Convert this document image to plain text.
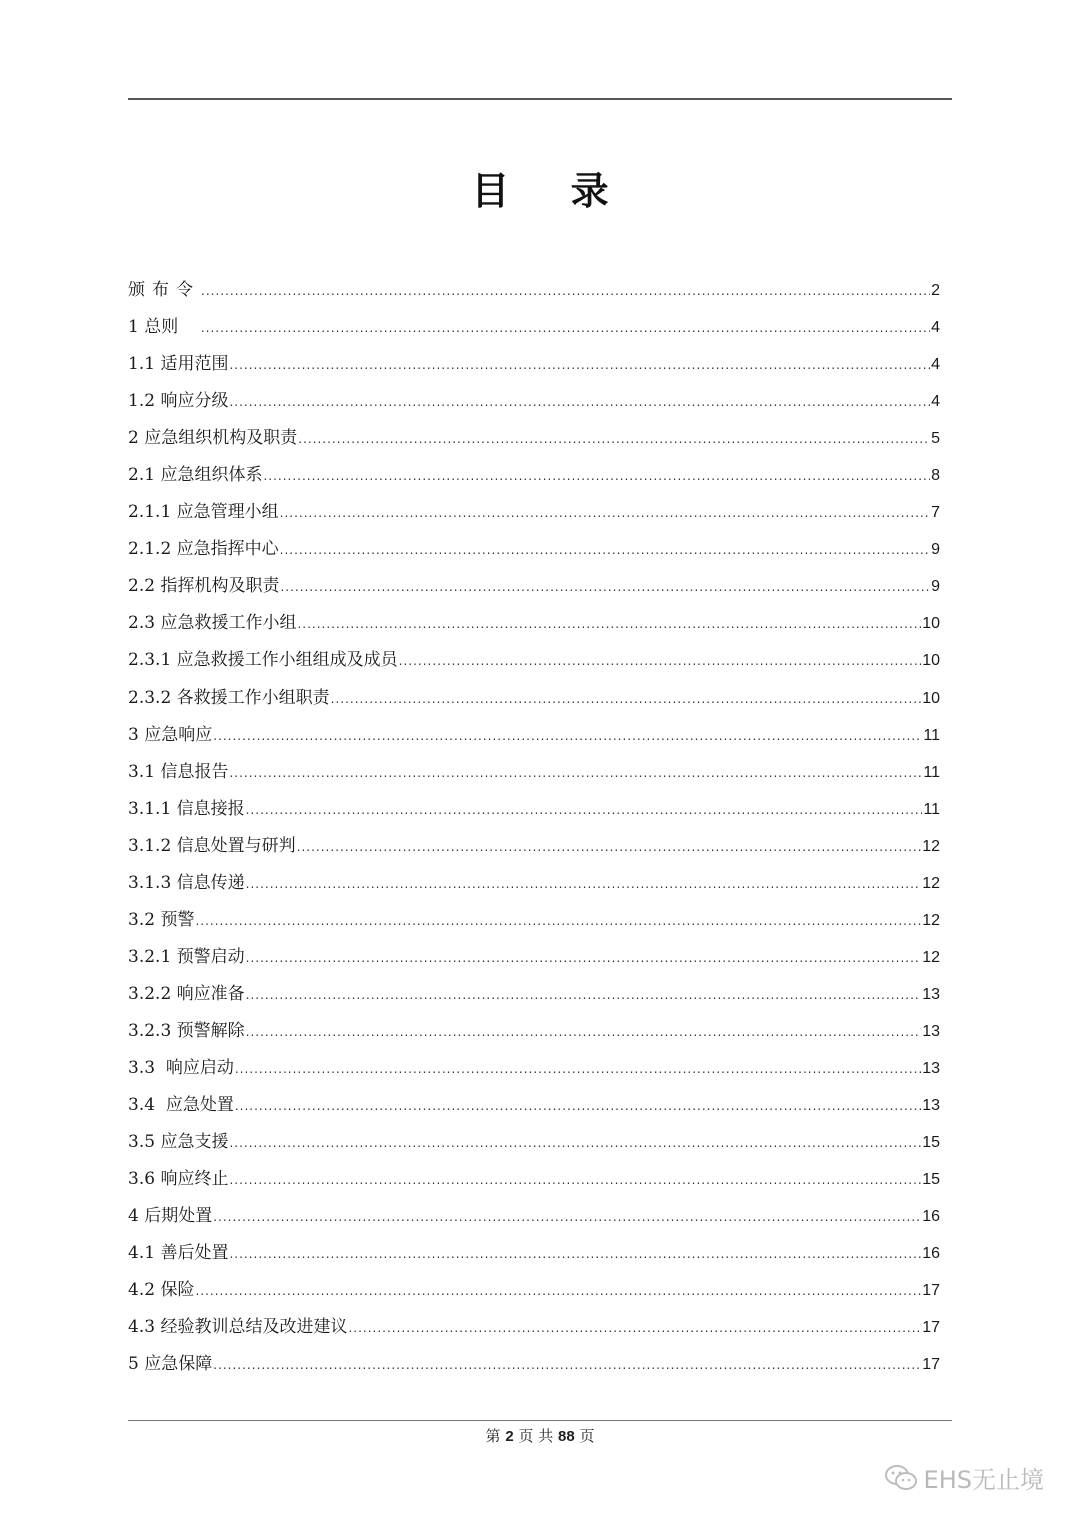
目 录
颁布令 .....	2
1 总则 .....	4
1.1 适用范围 .....	4
1.2 响应分级 .....	4
2 应急组织机构及职责 .....	5
2.1 应急组织体系 .....	8
2.1.1 应急管理小组 .....	7
2.1.2 应急指挥中心 .....	9
2.2 指挥机构及职责 .....	9
2.3 应急救援工作小组 .....	10
2.3.1 应急救援工作小组组成及成员 .....	10
2.3.2 各救援工作小组职责 .....	10
3 应急响应 .....	11
3.1 信息报告 .....	11
3.1.1 信息接报 .....	11
3.1.2 信息处置与研判 .....	12
3.1.3 信息传递 .....	12
3.2 预警 .....	12
3.2.1 预警启动 .....	12
3.2.2 响应准备 .....	13
3.2.3 预警解除 .....	13
3.3  响应启动 .....	13
3.4  应急处置 .....	13
3.5 应急支援 .....	15
3.6 响应终止 .....	15
4 后期处置 .....	16
4.1 善后处置 .....	16
4.2 保险 .....	17
4.3 经验教训总结及改进建议 .....	17
5 应急保障 .....	17
第 2 页 共 88 页
EHS无止境
